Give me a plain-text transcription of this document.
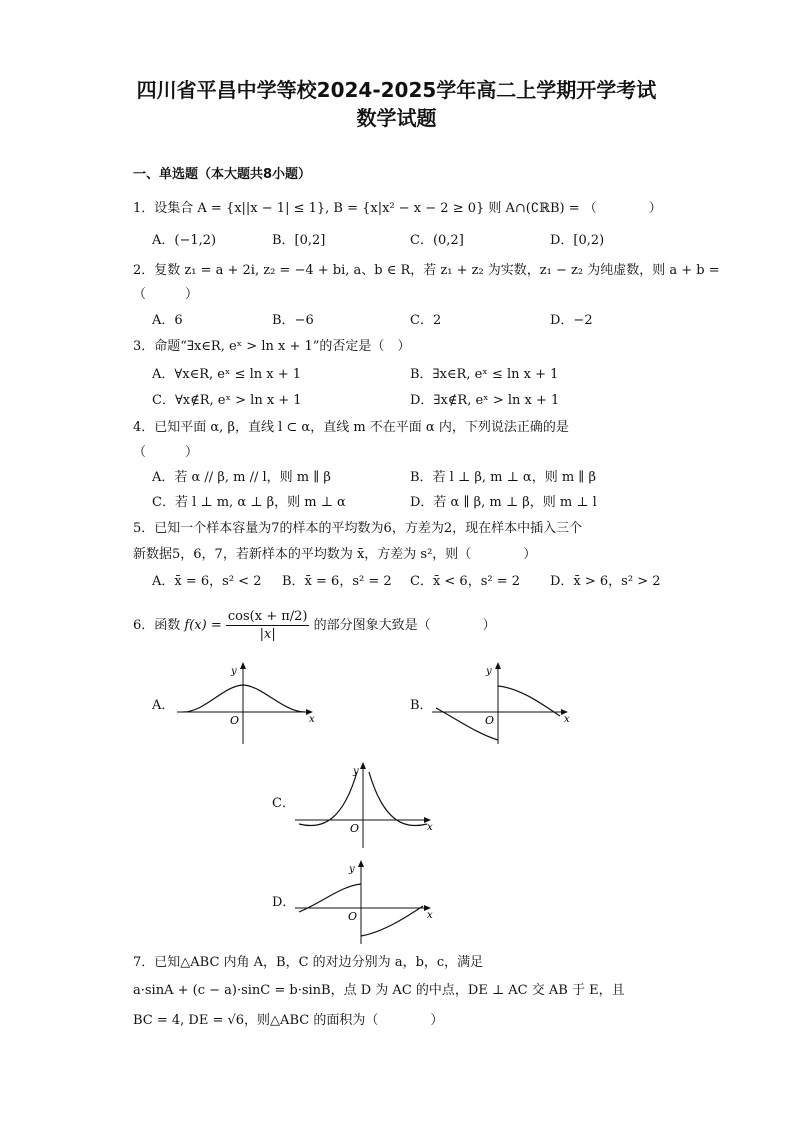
四川省平昌中学等校2024-2025学年高二上学期开学考试
数学试题
一、单选题（本大题共8小题）
1．设集合 A = {x||x − 1| ≤ 1}, B = {x|x² − x − 2 ≥ 0} 则 A∩(∁ℝB) = （　　　　）
A．(−1,2)	B．[0,2]	C．(0,2]	D．[0,2)
2．复数 z₁ = a + 2i, z₂ = −4 + bi, a、b ∈ R，若 z₁ + z₂ 为实数，z₁ − z₂ 为纯虚数，则 a + b =
（　　　）
A．6	B．−6	C．2	D．−2
3．命题“∃x∈R, eˣ > ln x + 1”的否定是（　）
A．∀x∈R, eˣ ≤ ln x + 1	B．∃x∈R, eˣ ≤ ln x + 1
C．∀x∉R, eˣ > ln x + 1	D．∃x∉R, eˣ > ln x + 1
4．已知平面 α, β，直线 l ⊂ α，直线 m 不在平面 α 内，下列说法正确的是
（　　　）
A．若 α // β, m // l，则 m ∥ β	B．若 l ⊥ β, m ⊥ α，则 m ∥ β
C．若 l ⊥ m, α ⊥ β，则 m ⊥ α	D．若 α ∥ β, m ⊥ β，则 m ⊥ l
5．已知一个样本容量为7的样本的平均数为6，方差为2，现在样本中插入三个
新数据5，6，7，若新样本的平均数为 x̄，方差为 s²，则（　　　　）
A．x̄ = 6，s² < 2 B．x̄ = 6，s² = 2 C．x̄ < 6，s² = 2 D．x̄ > 6，s² > 2
6．函数 $f(x) = \frac{\cos(x + \pi/2)}{|x|}$ 的部分图象大致是（　　　　）
A．
O	x
y
B．
O	x
y
C．
O	x
y
D．
O	x
y
7．已知△ABC 内角 A，B，C 的对边分别为 a，b，c，满足
a·sinA + (c − a)·sinC = b·sinB，点 D 为 AC 的中点，DE ⊥ AC 交 AB 于 E，且
BC = 4, DE = √6，则△ABC 的面积为（　　　　）
